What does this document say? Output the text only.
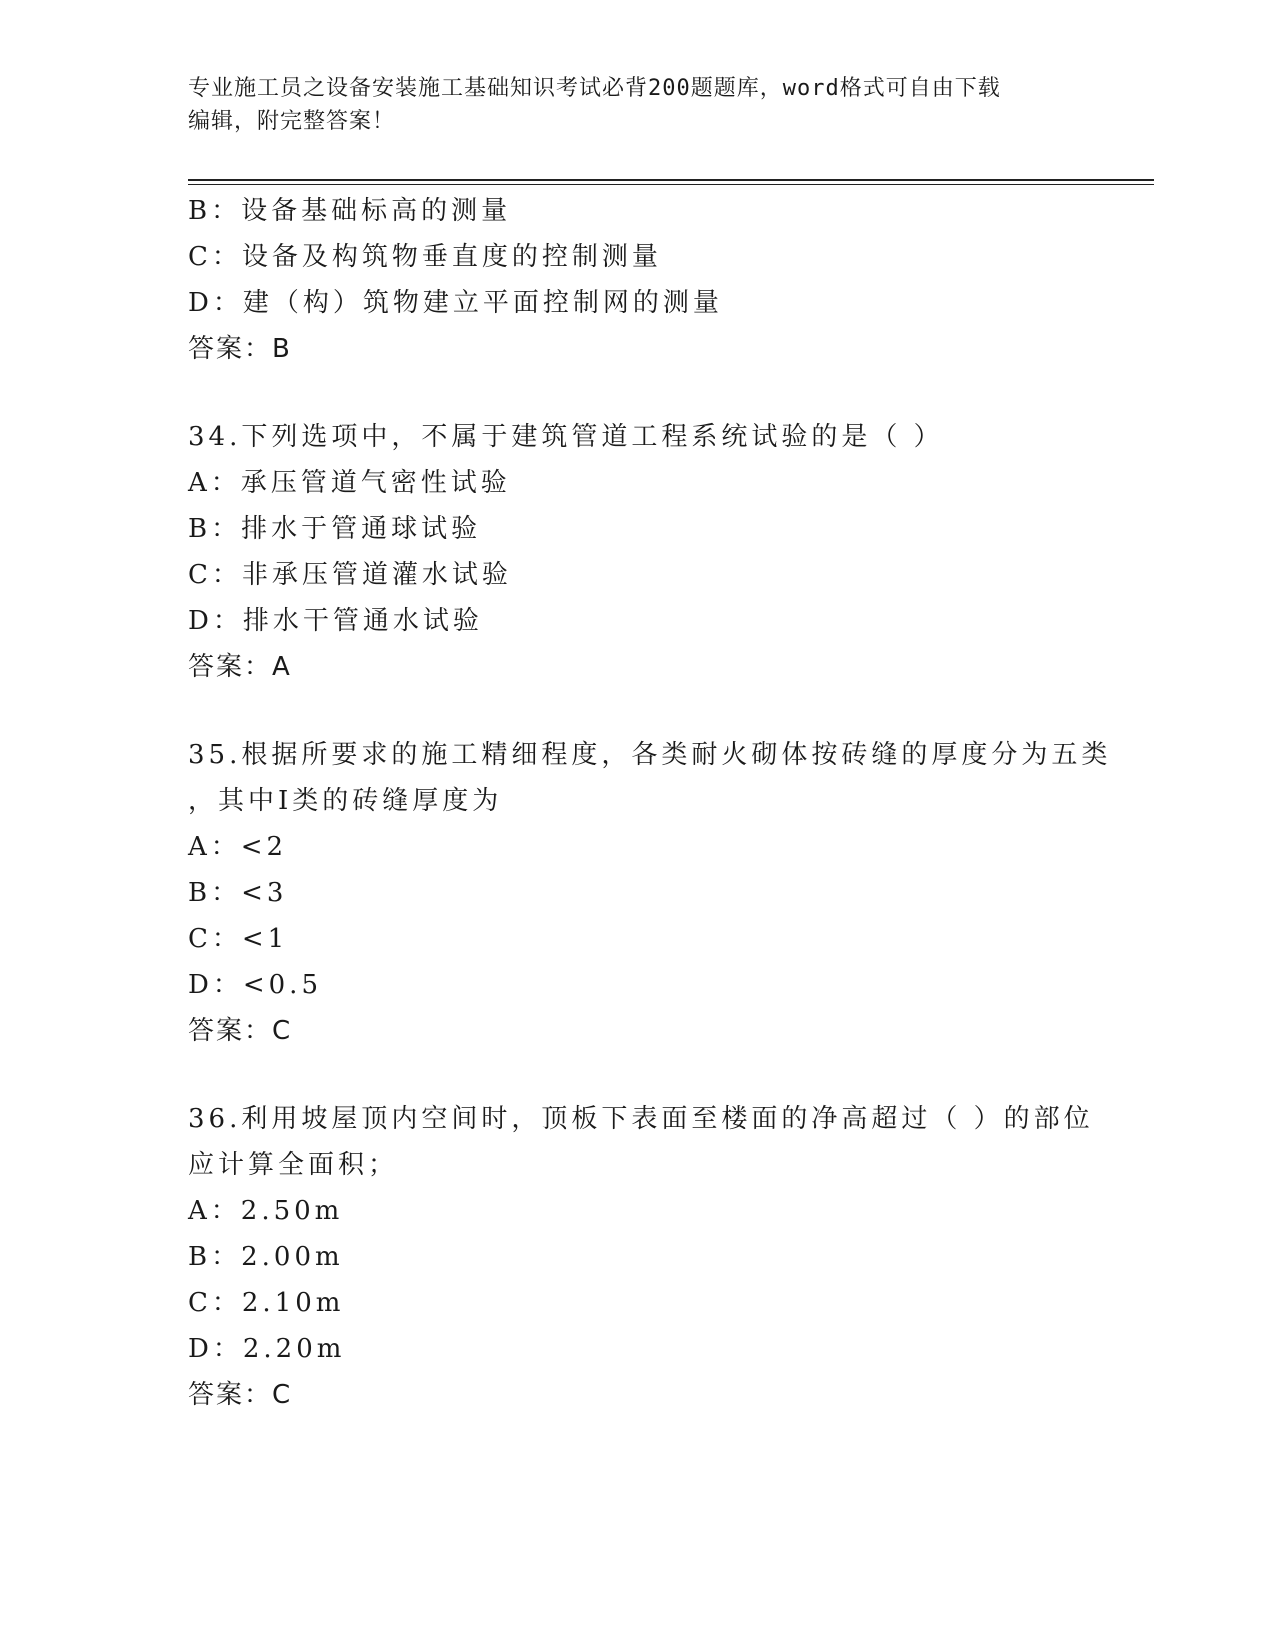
专业施工员之设备安装施工基础知识考试必背200题题库，word格式可自由下载
编辑，附完整答案！
B：设备基础标高的测量
C：设备及构筑物垂直度的控制测量
D：建（构）筑物建立平面控制网的测量
答案：B
34.下列选项中，不属于建筑管道工程系统试验的是（ ）
A：承压管道气密性试验
B：排水于管通球试验
C：非承压管道灌水试验
D：排水干管通水试验
答案：A
35.根据所要求的施工精细程度，各类耐火砌体按砖缝的厚度分为五类
，其中Ⅰ类的砖缝厚度为
A：<2
B：<3
C：<1
D：<0.5
答案：C
36.利用坡屋顶内空间时，顶板下表面至楼面的净高超过（ ）的部位
应计算全面积；
A：2.50m
B：2.00m
C：2.10m
D：2.20m
答案：C
